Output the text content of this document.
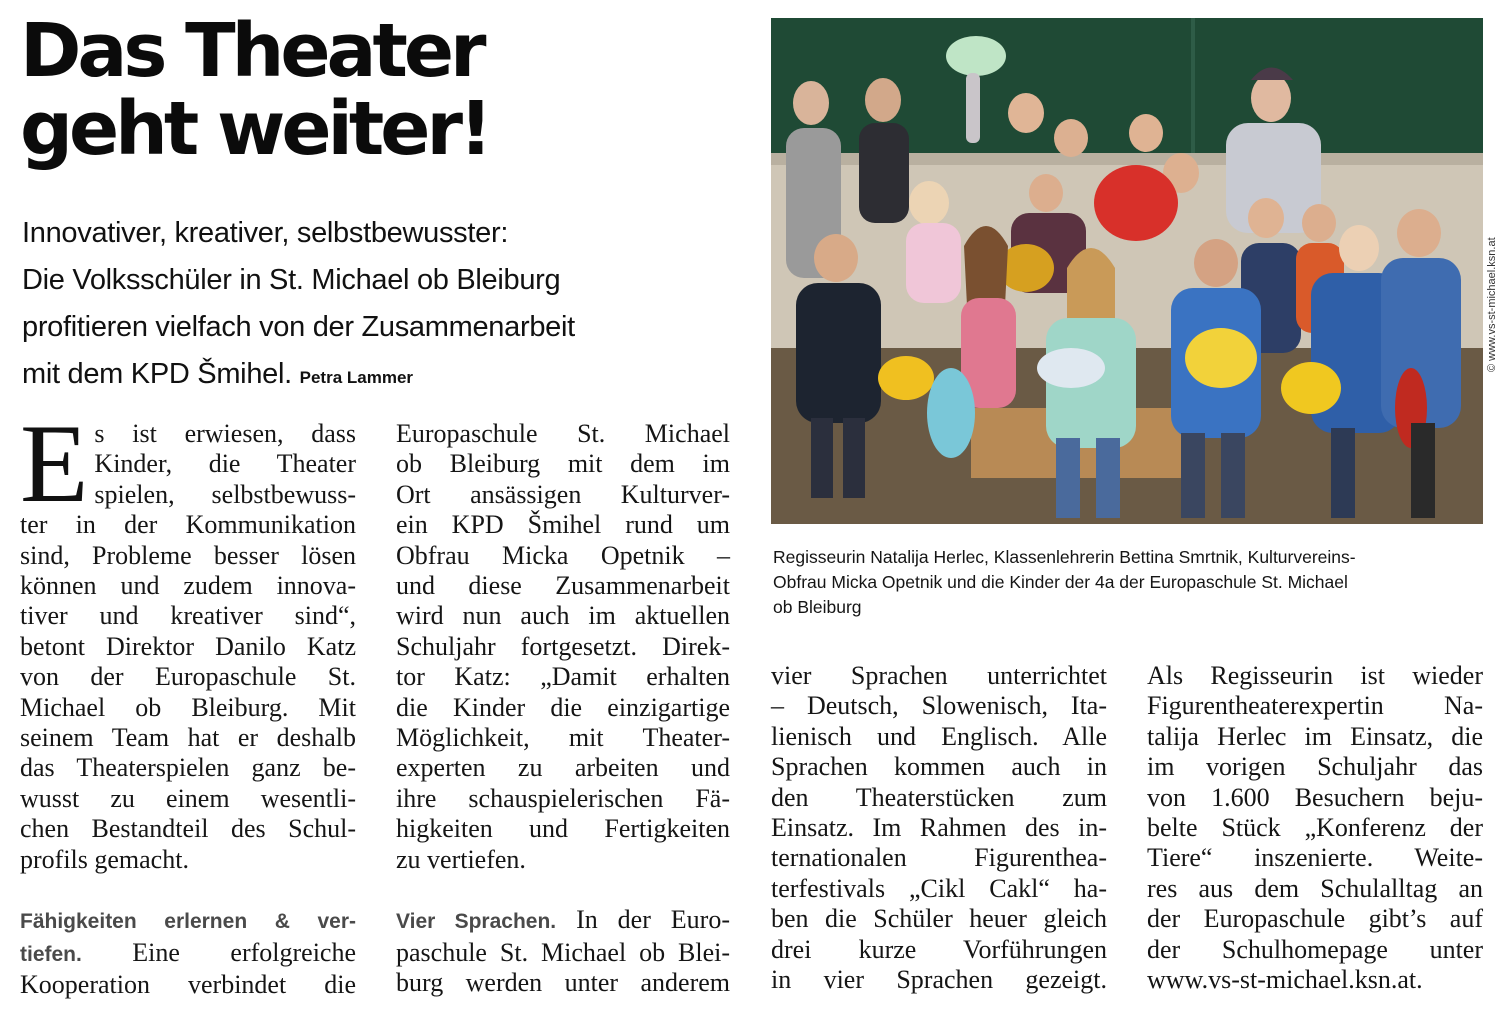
Das Theater
geht weiter!
Innovativer, kreativer, selbstbewusster:
Die Volksschüler in St. Michael ob Bleiburg
profitieren vielfach von der Zusammenarbeit
mit dem KPD Šmihel. Petra Lammer
E s ist erwiesen, dass
Kinder, die Theater
spielen, selbstbewuss-
ter in der Kommunikation
sind, Probleme besser lösen
können und zudem innova-
tiver und kreativer sind“,
betont Direktor Danilo Katz
von der Europaschule St.
Michael ob Bleiburg. Mit
seinem Team hat er deshalb
das Theaterspielen ganz be-
wusst zu einem wesentli-
chen Bestandteil des Schul-
profils gemacht.
Fähigkeiten erlernen & ver-
tiefen. Eine erfolgreiche
Kooperation verbindet die
Europaschule St. Michael
ob Bleiburg mit dem im
Ort ansässigen Kulturver-
ein KPD Šmihel rund um
Obfrau Micka Opetnik –
und diese Zusammenarbeit
wird nun auch im aktuellen
Schuljahr fortgesetzt. Direk-
tor Katz: „Damit erhalten
die Kinder die einzigartige
Möglichkeit, mit Theater-
experten zu arbeiten und
ihre schauspielerischen Fä-
higkeiten und Fertigkeiten
zu vertiefen.
Vier Sprachen. In der Euro-
paschule St. Michael ob Blei-
burg werden unter anderem
vier Sprachen unterrichtet
– Deutsch, Slowenisch, Ita-
lienisch und Englisch. Alle
Sprachen kommen auch in
den Theaterstücken zum
Einsatz. Im Rahmen des in-
ternationalen Figurenthea-
terfestivals „Cikl Cakl“ ha-
ben die Schüler heuer gleich
drei kurze Vorführungen
in vier Sprachen gezeigt.
Als Regisseurin ist wieder
Figurentheaterexpertin Na-
talija Herlec im Einsatz, die
im vorigen Schuljahr das
von 1.600 Besuchern beju-
belte Stück „Konferenz der
Tiere“ inszenierte. Weite-
res aus dem Schulalltag an
der Europaschule gibt’s auf
der Schulhomepage unter
www.vs-st-michael.ksn.at.
© www.vs-st-michael.ksn.at
Regisseurin Natalija Herlec, Klassenlehrerin Bettina Smrtnik, Kulturvereins-
Obfrau Micka Opetnik und die Kinder der 4a der Europaschule St. Michael
ob Bleiburg
